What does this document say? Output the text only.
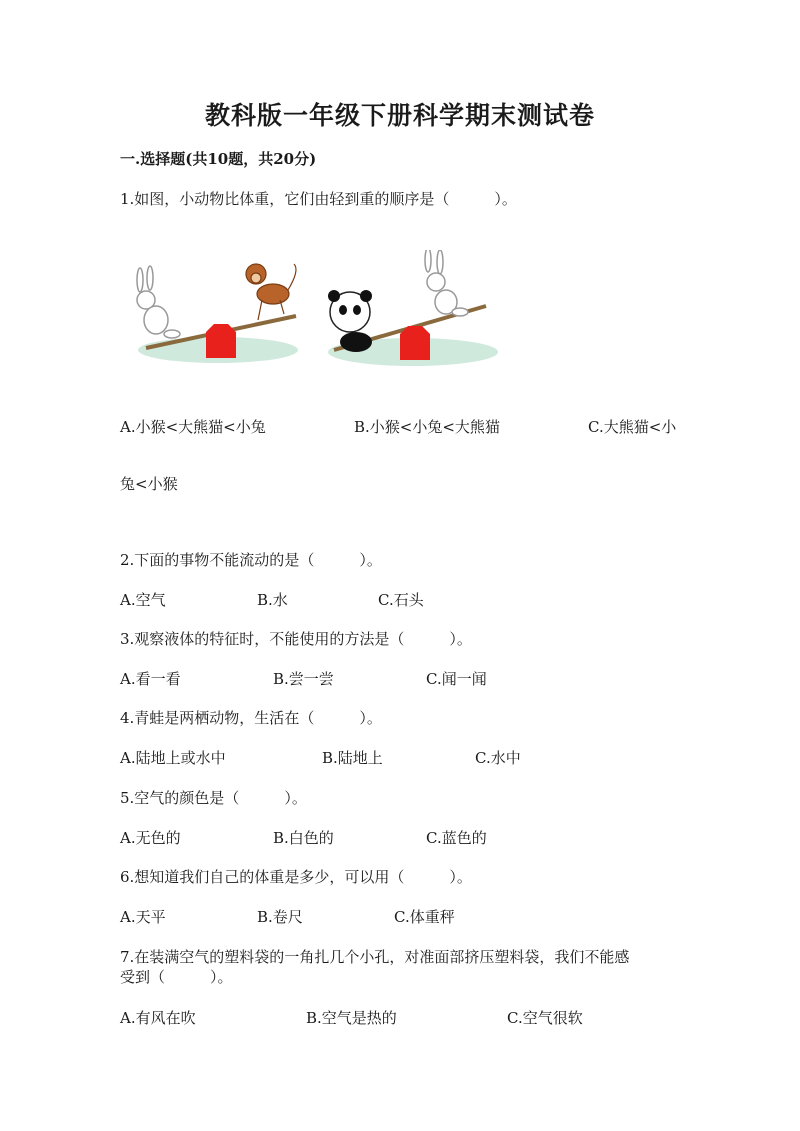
教科版一年级下册科学期末测试卷
一.选择题(共10题，共20分)
1.如图，小动物比体重，它们由轻到重的顺序是（　　　）。
A.小猴<大熊猫<小兔	B.小猴<小兔<大熊猫	C.大熊猫<小
兔<小猴
2.下面的事物不能流动的是（　　　）。
A.空气	B.水	C.石头
3.观察液体的特征时，不能使用的方法是（　　　）。
A.看一看	B.尝一尝	C.闻一闻
4.青蛙是两栖动物，生活在（　　　）。
A.陆地上或水中	B.陆地上	C.水中
5.空气的颜色是（　　　）。
A.无色的	B.白色的	C.蓝色的
6.想知道我们自己的体重是多少，可以用（　　　）。
A.天平	B.卷尺	C.体重秤
7.在装满空气的塑料袋的一角扎几个小孔，对准面部挤压塑料袋，我们不能感
受到（　　　）。
A.有风在吹	B.空气是热的	C.空气很软
